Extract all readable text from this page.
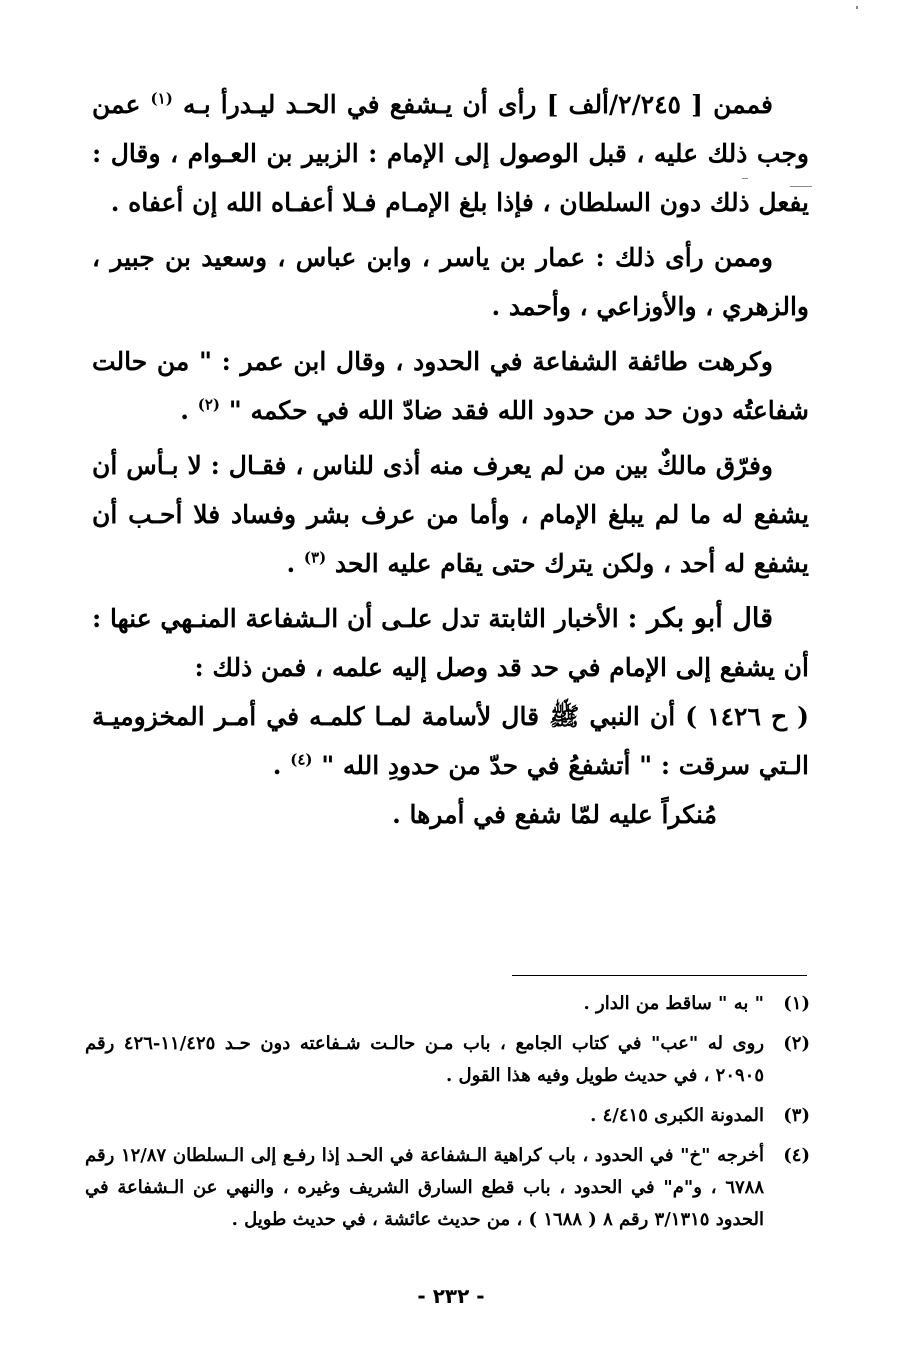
فممن [ ٢/٢٤٥/ألف ] رأى أن يـشفع في الحـد ليـدرأ بـه $^{(١)}$ عمن وجب ذلك عليه ، قبل الوصول إلى الإمام : الزبير بن العـوام ، وقال : يفعل ذلك دون السلطان ، فإذا بلغ الإمـام فـلا أعفـاه الله إن أعفاه .

وممن رأى ذلك : عمار بن ياسر ، وابن عباس ، وسعيد بن جبير ، والزهري ، والأوزاعي ، وأحمد .

وكرهت طائفة الشفاعة في الحدود ، وقال ابن عمر : " من حالت شفاعتُه دون حد من حدود الله فقد ضادّ الله في حكمه " $^{(٢)}$ .

وفرّق مالكٌ بين من لم يعرف منه أذى للناس ، فقـال : لا بـأس أن يشفع له ما لم يبلغ الإمام ، وأما من عرف بشر وفساد فلا أحـب أن يشفع له أحد ، ولكن يترك حتى يقام عليه الحد $^{(٣)}$ .

قال أبو بكر : الأخبار الثابتة تدل علـى أن الـشفاعة المنـهي عنها : أن يشفع إلى الإمام في حد قد وصل إليه علمه ، فمن ذلك :

( ح ١٤٢٦ ) أن النبي ﷺ قال لأسامة لمـا كلمـه في أمـر المخزوميـة الـتي سرقت : " أتشفعُ في حدّ من حدودِ الله " $^{(٤)}$ .

مُنكراً عليه لمّا شفع في أمرها .

(١)
" به " ساقط من الدار .
(٢)
روى له "عب" في كتاب الجامع ، باب مـن حالـت شـفاعته دون حـد ١١/٤٢٥-٤٢٦ رقم ٢٠٩٠٥ ، في حديث طويل وفيه هذا القول .
(٣)
المدونة الكبرى ٤/٤١٥ .
(٤)
أخرجه "خ" في الحدود ، باب كراهية الـشفاعة في الحـد إذا رفـع إلى الـسلطان ١٢/٨٧ رقم ٦٧٨٨ ، و"م" في الحدود ، باب قطع السارق الشريف وغيره ، والنهي عن الـشفاعة في الحدود ٣/١٣١٥ رقم ٨ ( ١٦٨٨ ) ، من حديث عائشة ، في حديث طويل .
- ٢٣٢ -
